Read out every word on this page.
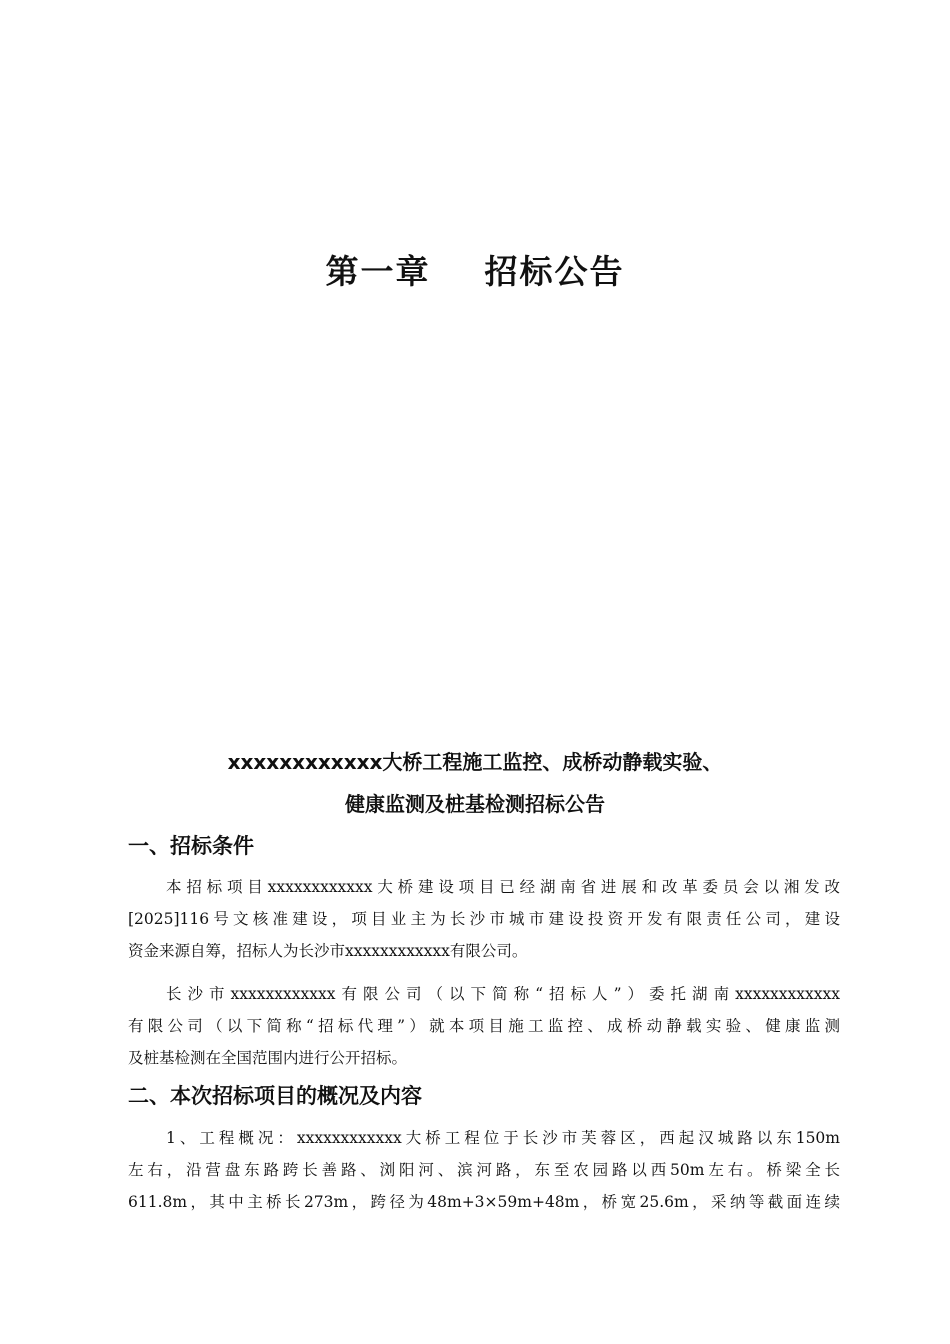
第一章    招标公告
xxxxxxxxxxxx大桥工程施工监控、成桥动静载实验、
健康监测及桩基检测招标公告
一、招标条件
本招标项目xxxxxxxxxxxx大桥建设项目已经湖南省进展和改革委员会以湘发改
[2025]116号文核准建设，项目业主为长沙市城市建设投资开发有限责任公司，建设
资金来源自筹，招标人为长沙市xxxxxxxxxxxx有限公司。
长沙市xxxxxxxxxxxx有限公司（以下简称“招标人”）委托湖南xxxxxxxxxxxx
有限公司（以下简称“招标代理”）就本项目施工监控、成桥动静载实验、健康监测
及桩基检测在全国范围内进行公开招标。
二、本次招标项目的概况及内容
1、工程概况：xxxxxxxxxxxx大桥工程位于长沙市芙蓉区，西起汉城路以东150m
左右，沿营盘东路跨长善路、浏阳河、滨河路，东至农园路以西50m左右。桥梁全长
611.8m，其中主桥长273m，跨径为48m+3×59m+48m，桥宽25.6m，采纳等截面连续
